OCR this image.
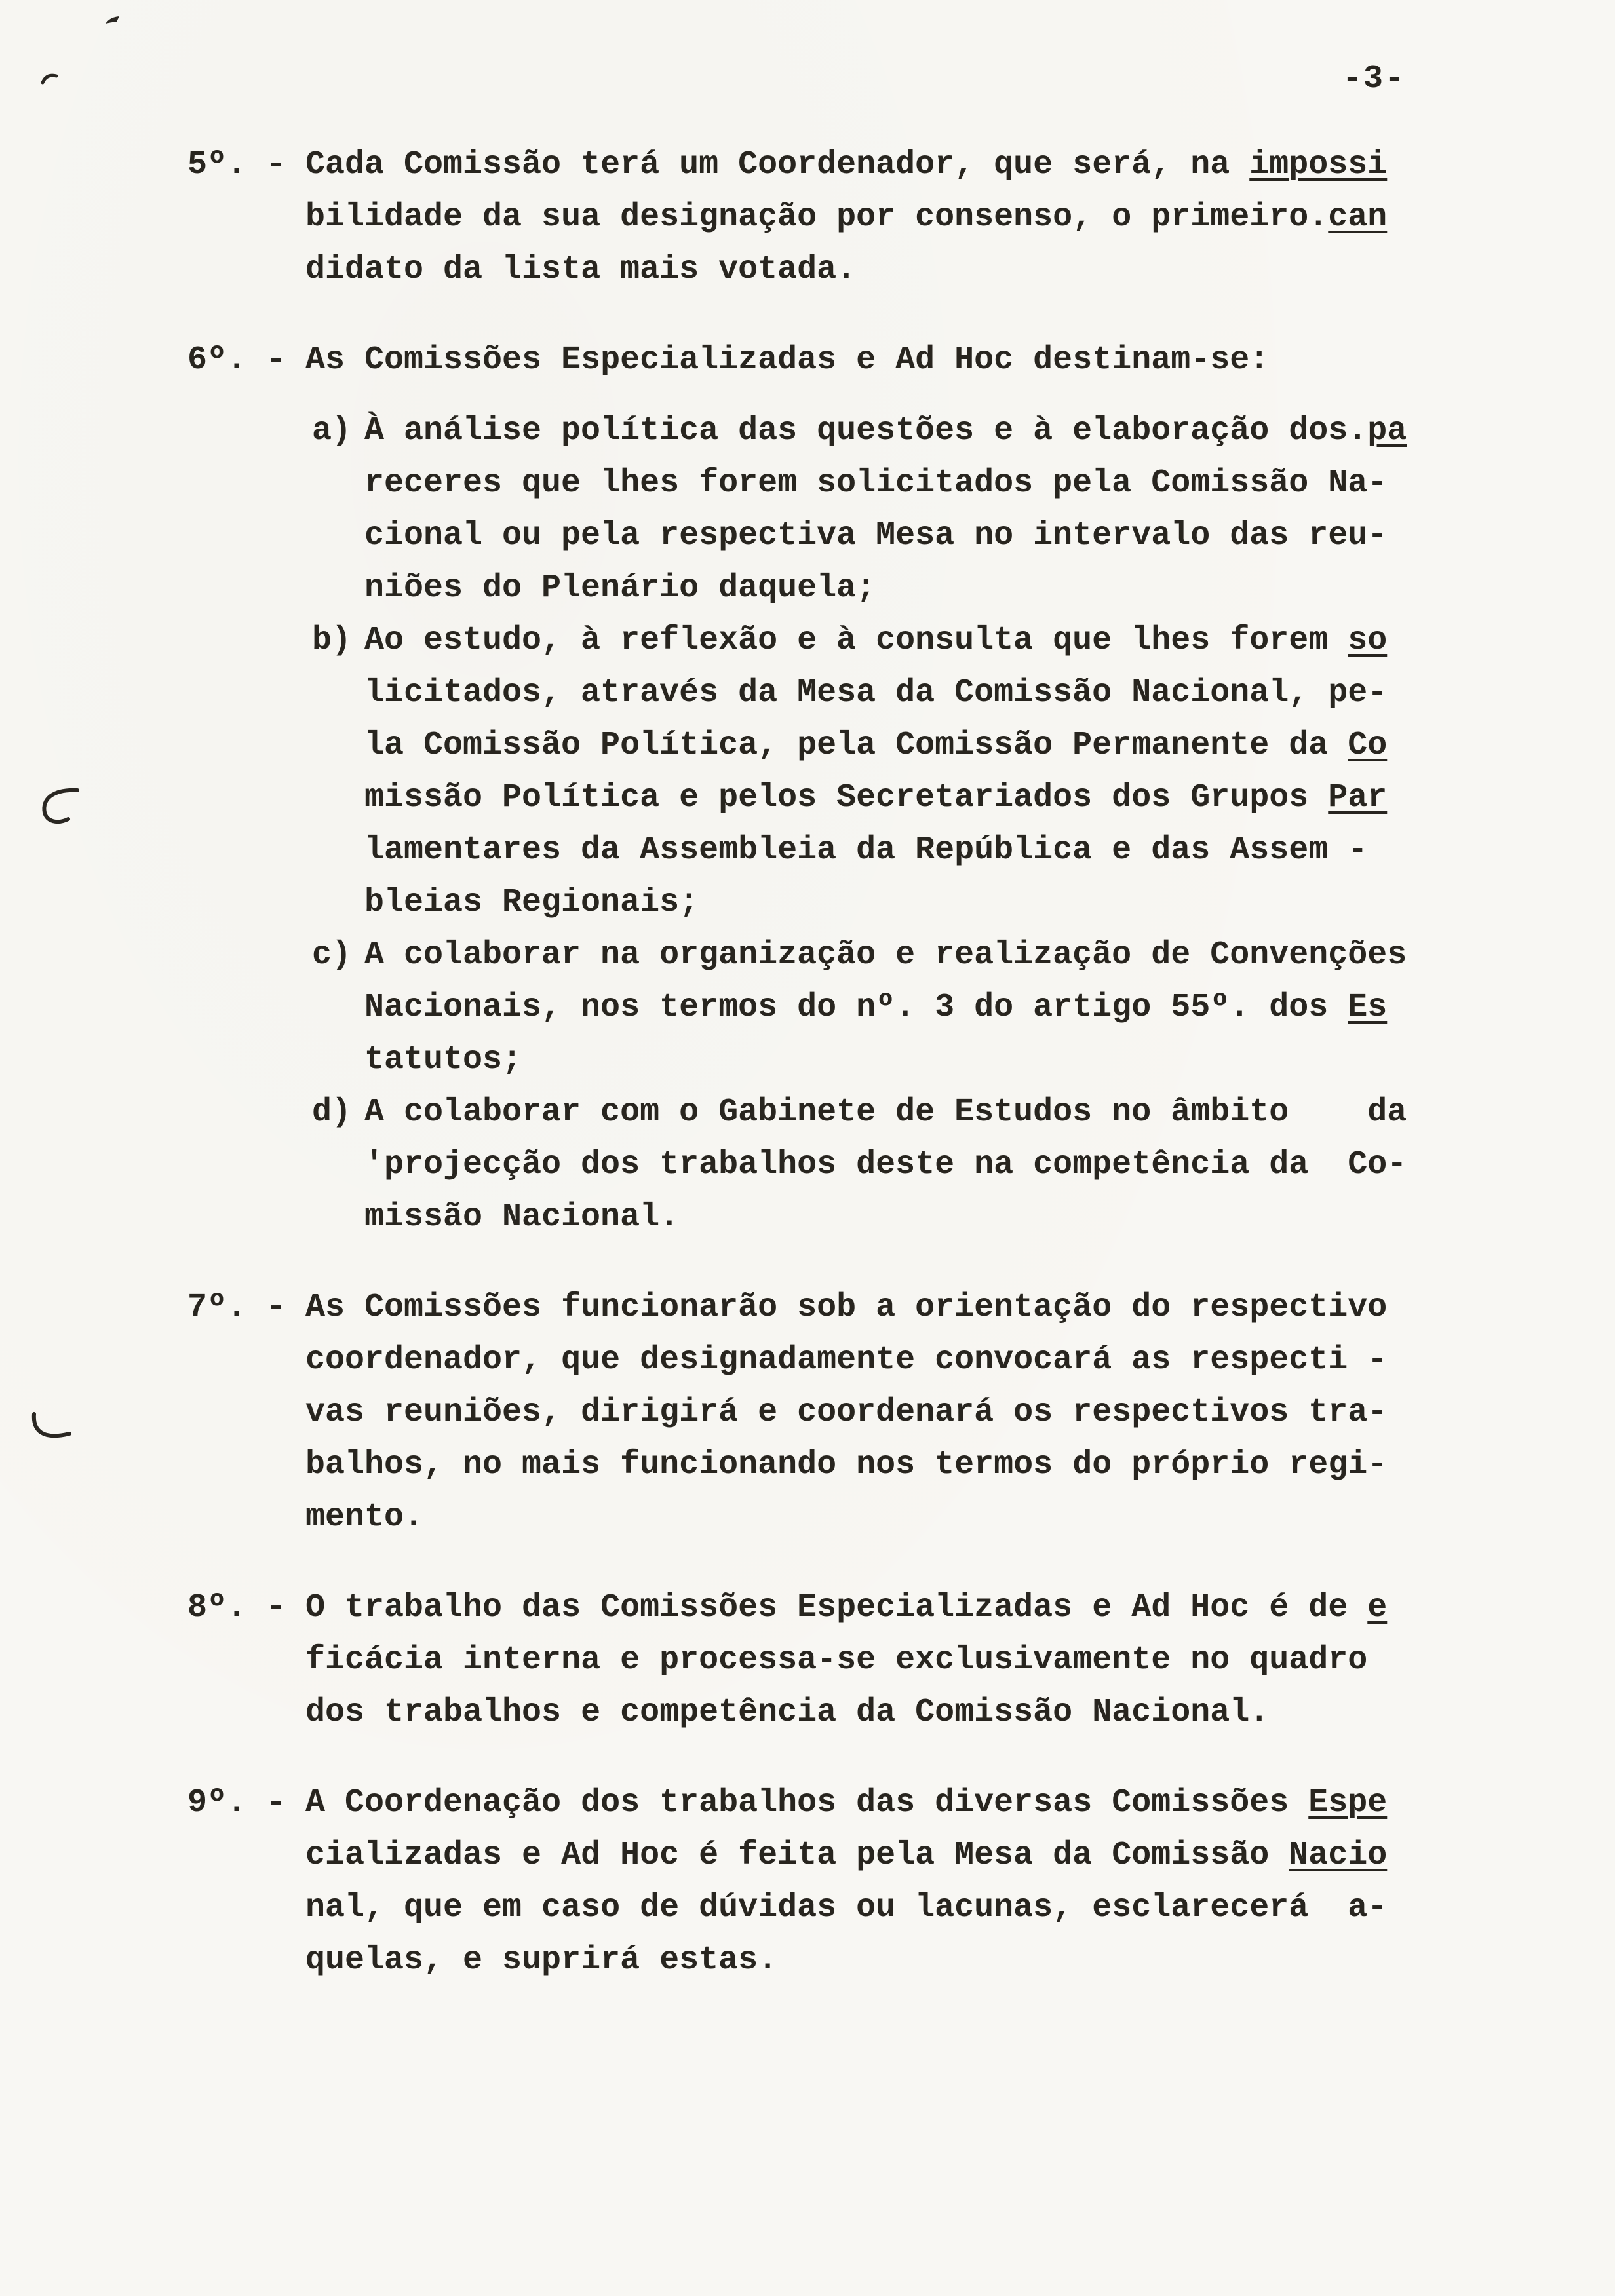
-3-
5º. - Cada Comissão terá um Coordenador, que será, na impossi
bilidade da sua designação por consenso, o primeiro.can
didato da lista mais votada.
6º. - As Comissões Especializadas e Ad Hoc destinam-se:
a) À análise política das questões e à elaboração dos.pa
receres que lhes forem solicitados pela Comissão Na-
cional ou pela respectiva Mesa no intervalo das reu-
niões do Plenário daquela;
b) Ao estudo, à reflexão e à consulta que lhes forem so
licitados, através da Mesa da Comissão Nacional, pe-
la Comissão Política, pela Comissão Permanente da Co
missão Política e pelos Secretariados dos Grupos Par
lamentares da Assembleia da República e das Assem -
bleias Regionais;
c) A colaborar na organização e realização de Convenções
Nacionais, nos termos do nº. 3 do artigo 55º. dos Es
tatutos;
d) A colaborar com o Gabinete de Estudos no âmbito    da
'projecção dos trabalhos deste na competência da  Co-
missão Nacional.
7º. - As Comissões funcionarão sob a orientação do respectivo
coordenador, que designadamente convocará as respecti -
vas reuniões, dirigirá e coordenará os respectivos tra-
balhos, no mais funcionando nos termos do próprio regi-
mento.
8º. - O trabalho das Comissões Especializadas e Ad Hoc é de e
ficácia interna e processa-se exclusivamente no quadro
dos trabalhos e competência da Comissão Nacional.
9º. - A Coordenação dos trabalhos das diversas Comissões Espe
cializadas e Ad Hoc é feita pela Mesa da Comissão Nacio
nal, que em caso de dúvidas ou lacunas, esclarecerá  a-
quelas, e suprirá estas.
